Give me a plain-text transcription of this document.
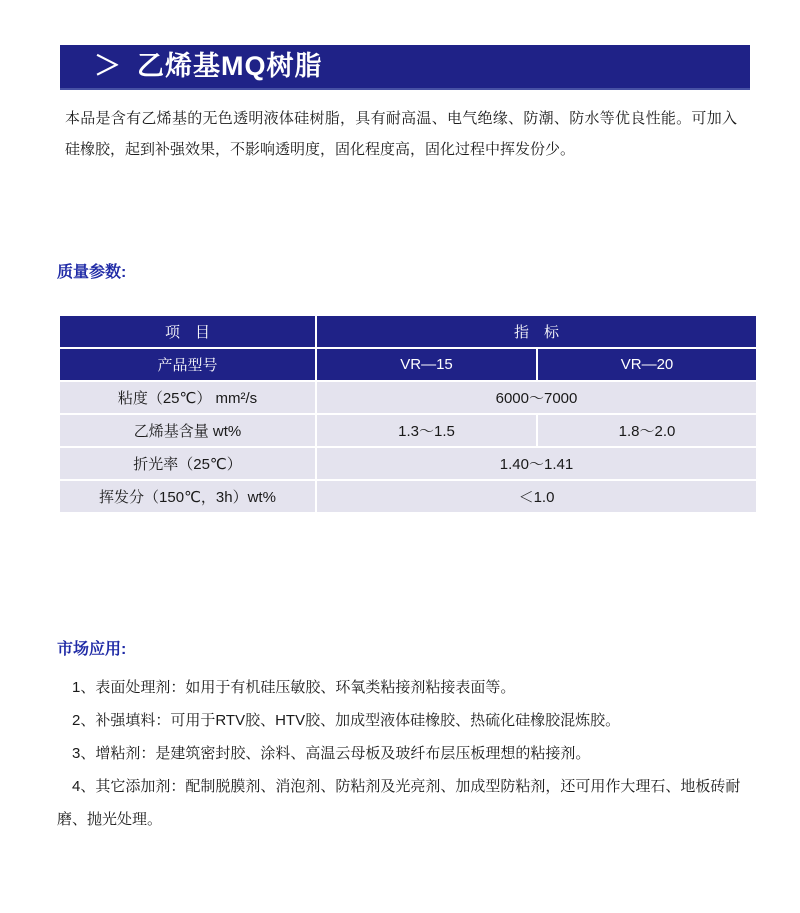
＞ 乙烯基MQ树脂

本品是含有乙烯基的无色透明液体硅树脂，具有耐高温、电气绝缘、防潮、防水等优良性能。可加入硅橡胶，起到补强效果，不影响透明度，固化程度高，固化过程中挥发份少。

质量参数:
项　目	指　标	
产品型号	VR—15	VR—20
粘度（25℃） mm²/s	6000～7000	
乙烯基含量 wt%	1.3～1.5	1.8～2.0
折光率（25℃）	1.40～1.41	
挥发分（150℃，3h）wt%	＜1.0	
市场应用:
1、表面处理剂：如用于有机硅压敏胶、环氧类粘接剂粘接表面等。
2、补强填料：可用于RTV胶、HTV胶、加成型液体硅橡胶、热硫化硅橡胶混炼胶。
3、增粘剂：是建筑密封胶、涂料、高温云母板及玻纤布层压板理想的粘接剂。
4、其它添加剂：配制脱膜剂、消泡剂、防粘剂及光亮剂、加成型防粘剂，还可用作大理石、地板砖耐磨、抛光处理。
